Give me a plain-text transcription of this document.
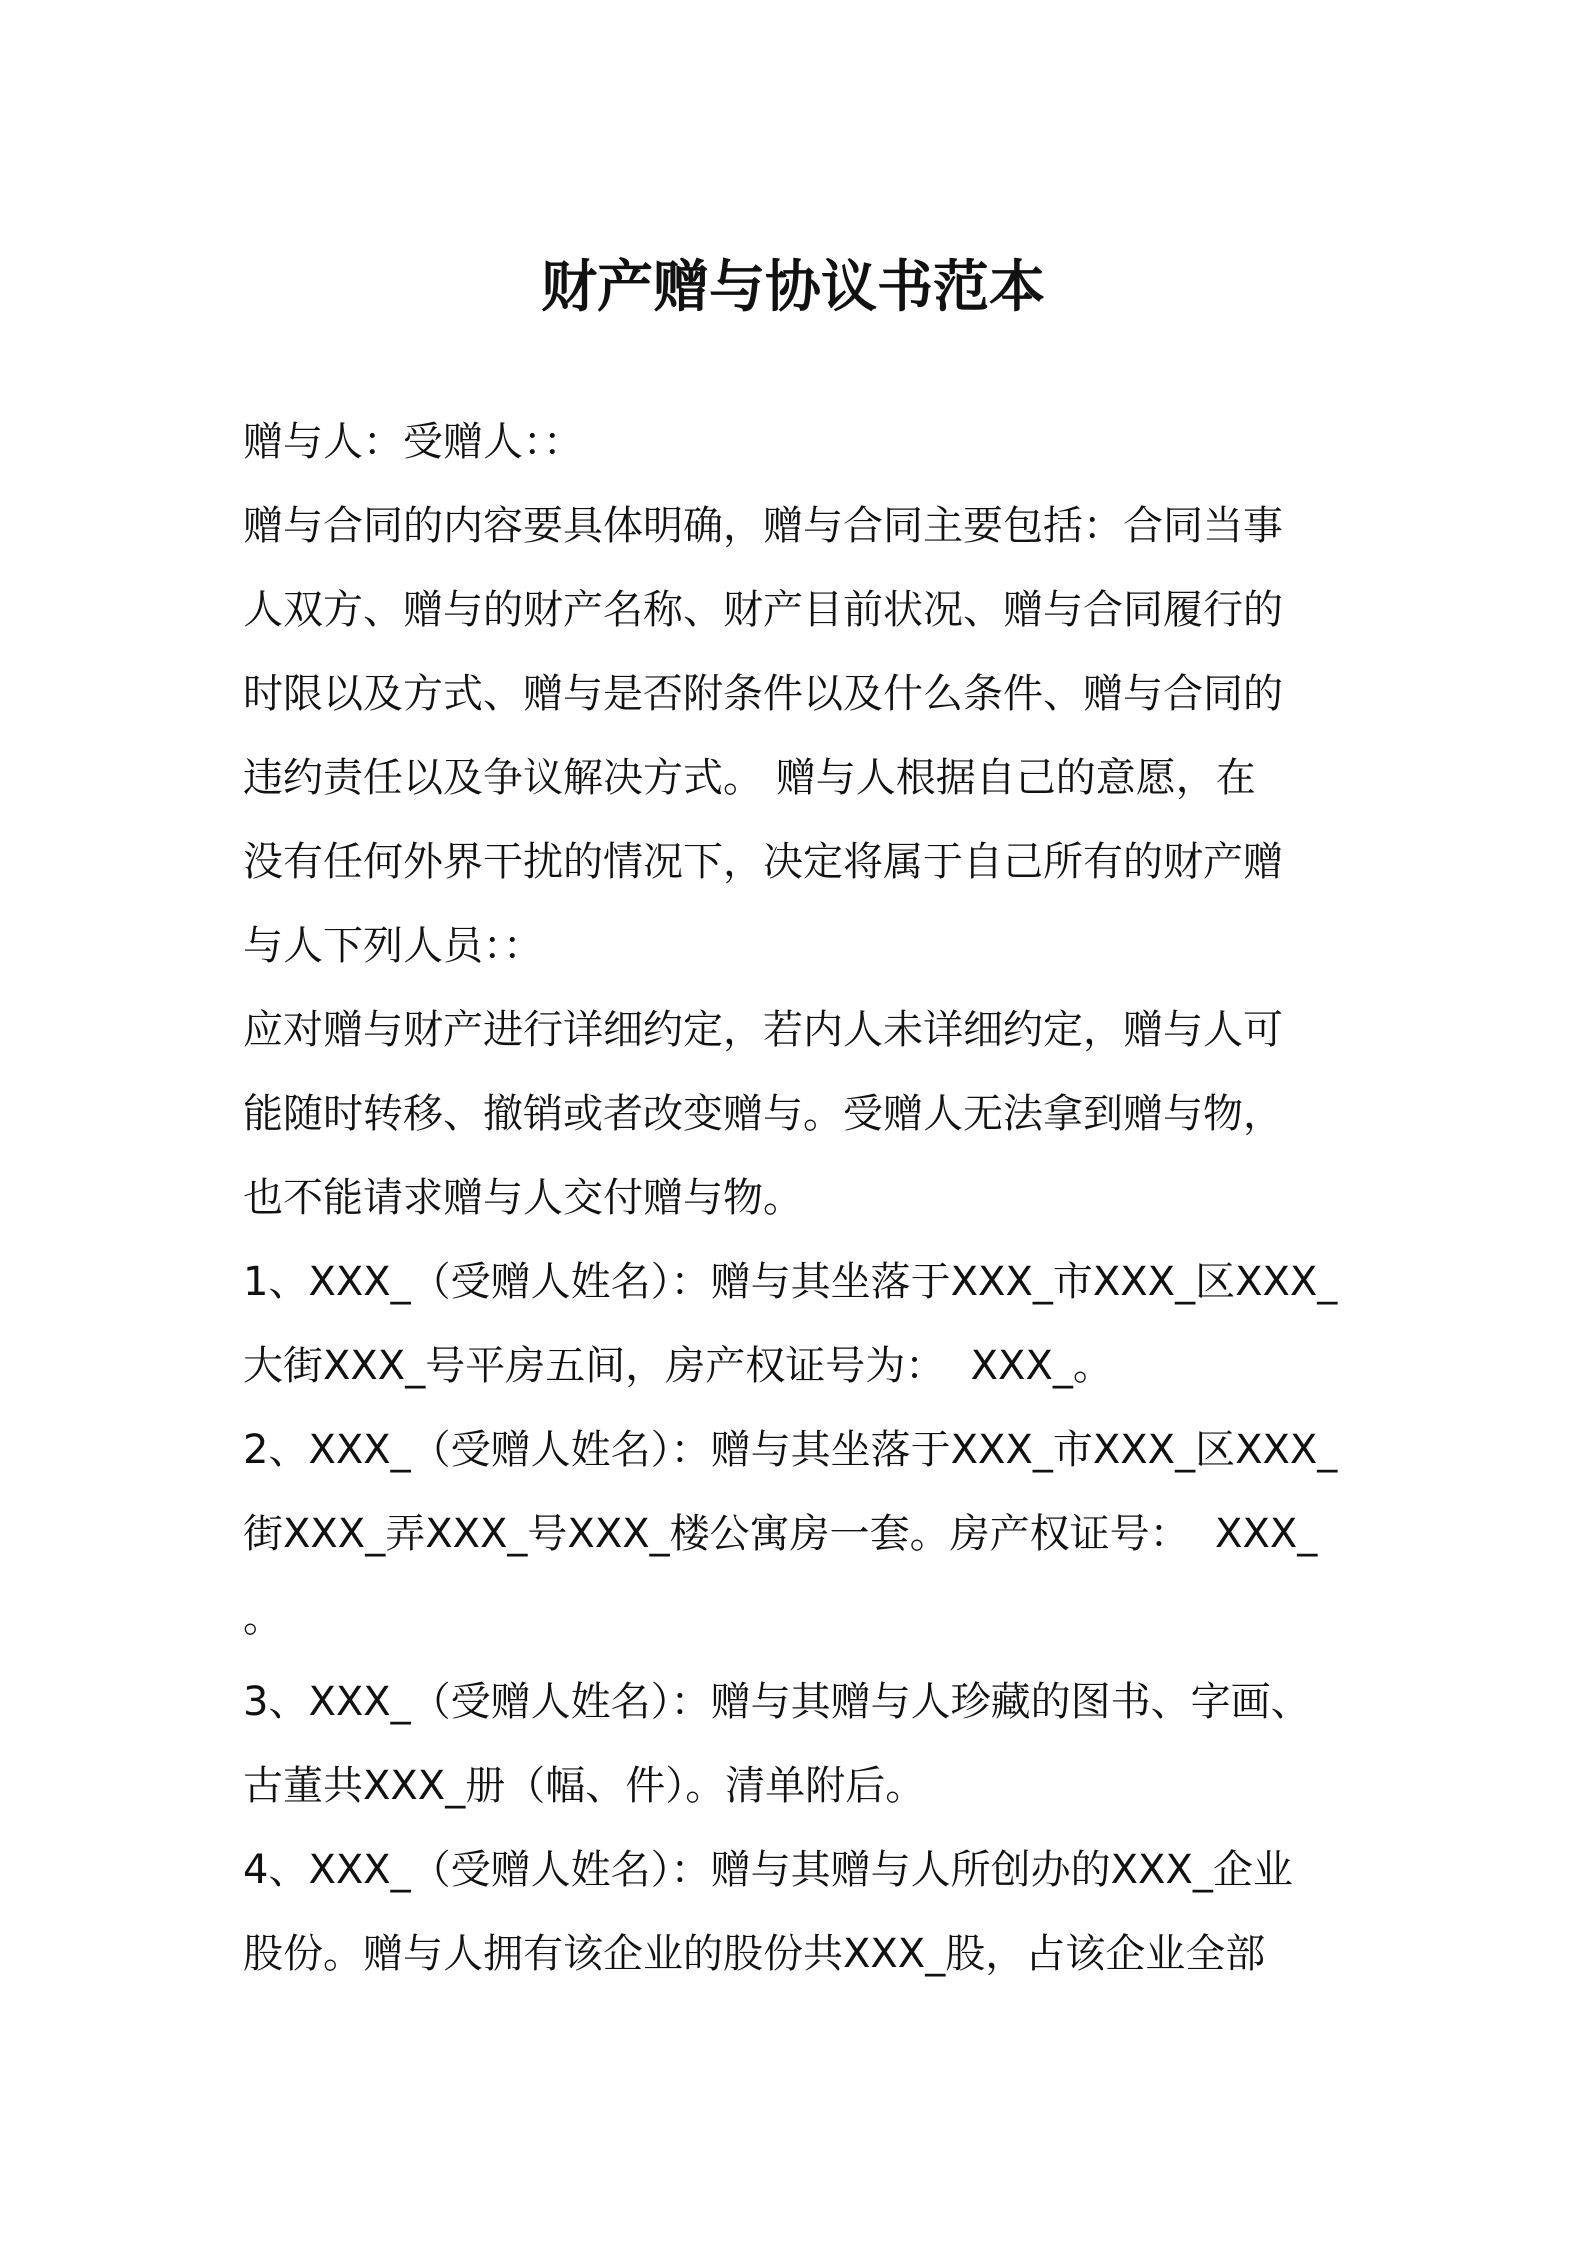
财产赠与协议书范本

赠与人：受赠人：：

赠与合同的内容要具体明确，赠与合同主要包括：合同当事

人双方、赠与的财产名称、财产目前状况、赠与合同履行的

时限以及方式、赠与是否附条件以及什么条件、赠与合同的

违约责任以及争议解决方式。 赠与人根据自己的意愿，在

没有任何外界干扰的情况下，决定将属于自己所有的财产赠

与人下列人员：：

应对赠与财产进行详细约定，若内人未详细约定，赠与人可

能随时转移、撤销或者改变赠与。受赠人无法拿到赠与物，

也不能请求赠与人交付赠与物。

1、XXX_（受赠人姓名）：赠与其坐落于XXX_市XXX_区XXX_

大街XXX_号平房五间，房产权证号为：  XXX_。

2、XXX_（受赠人姓名）：赠与其坐落于XXX_市XXX_区XXX_

街XXX_弄XXX_号XXX_楼公寓房一套。房产权证号：  XXX_

。

3、XXX_（受赠人姓名）：赠与其赠与人珍藏的图书、字画、

古董共XXX_册（幅、件）。清单附后。

4、XXX_（受赠人姓名）：赠与其赠与人所创办的XXX_企业

股份。赠与人拥有该企业的股份共XXX_股，占该企业全部
